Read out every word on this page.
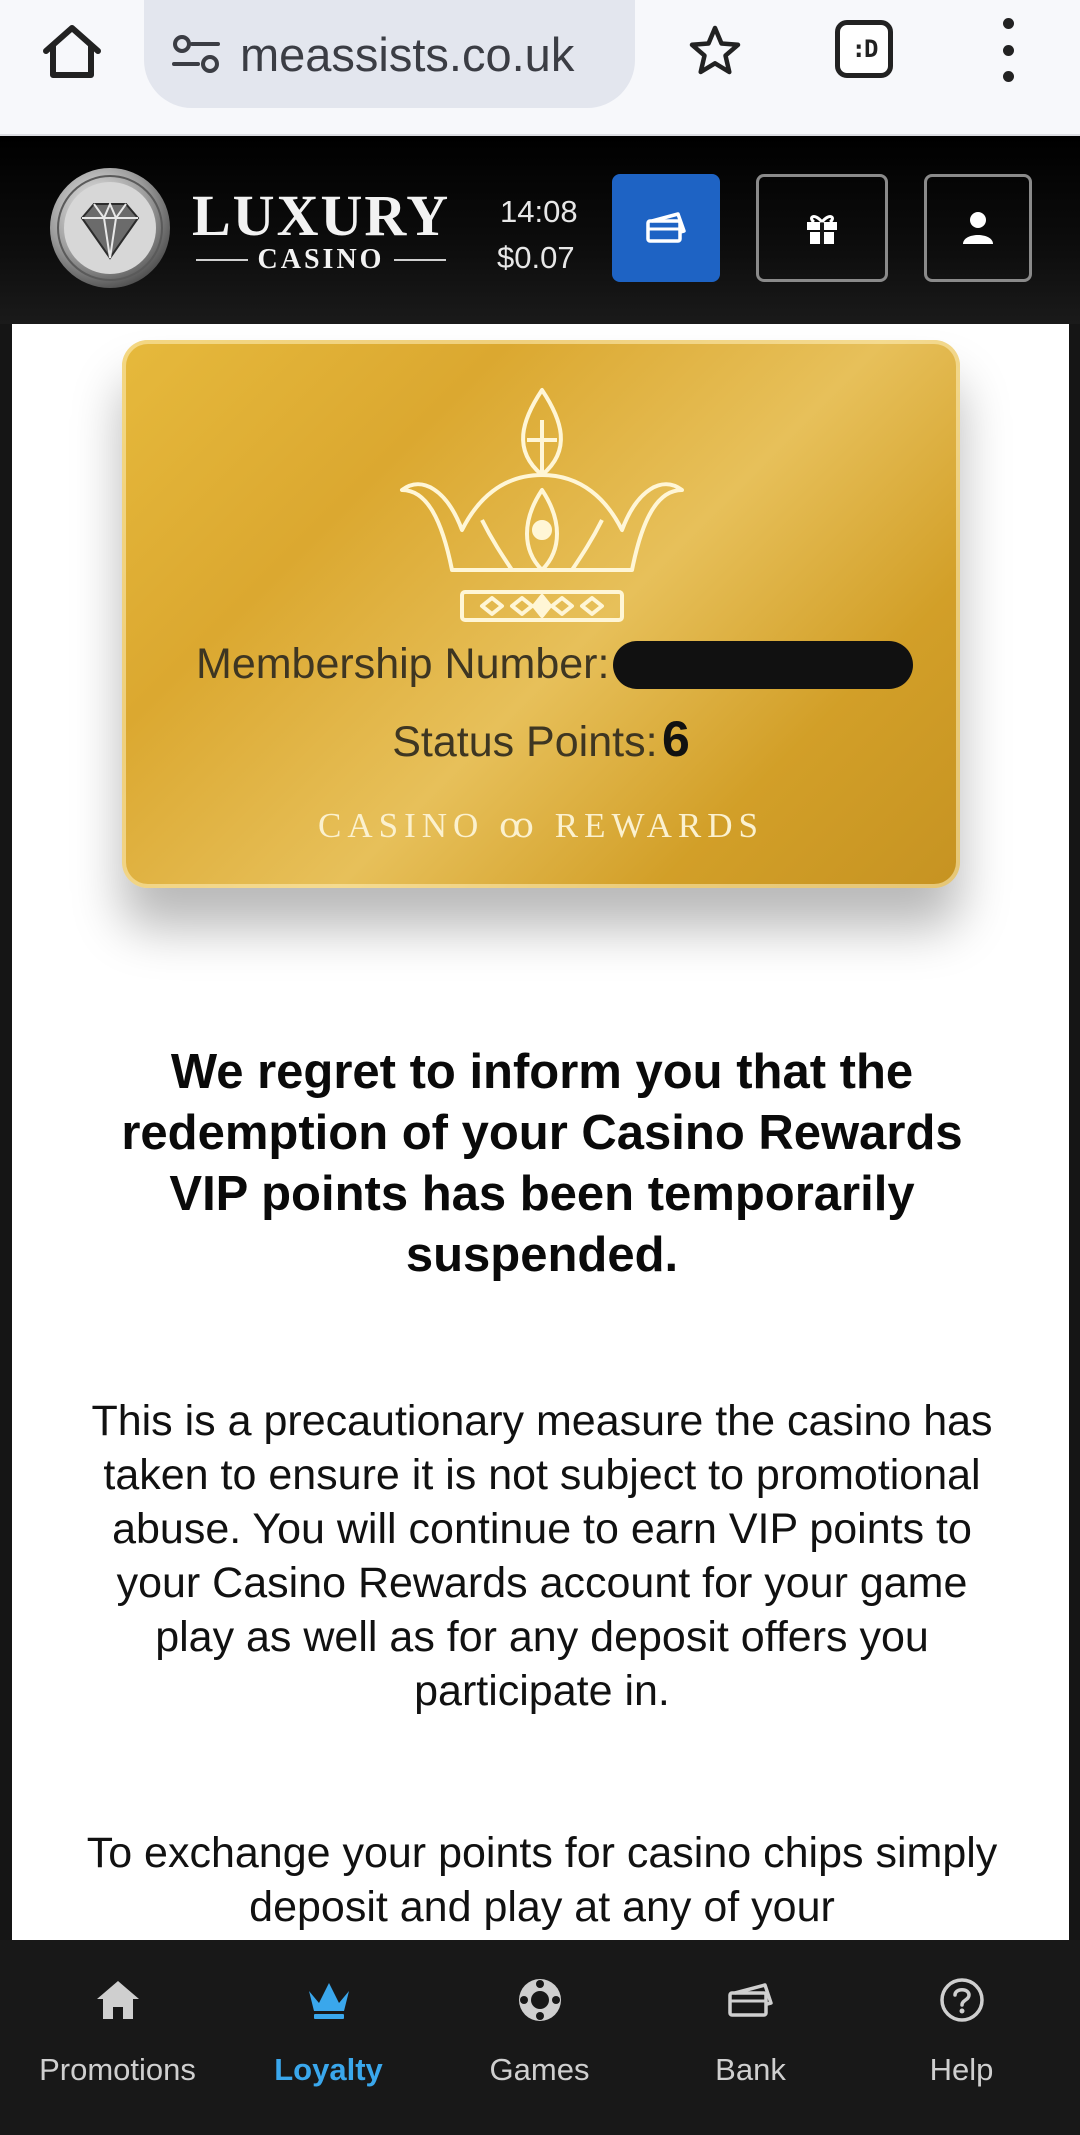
meassists.co.uk	:D
LUXURY
CASINO
14:08
$0.07
Membership Number:
Status Points: 6
CASINO ꝏ REWARDS
We regret to inform you that the redemption of your Casino Rewards VIP points has been temporarily suspended.
This is a precautionary measure the casino has taken to ensure it is not subject to promotional abuse. You will continue to earn VIP points to your Casino Rewards account for your game play as well as for any deposit offers you participate in.
To exchange your points for casino chips simply deposit and play at any of your
Promotions	Loyalty	Games	Bank	Help
